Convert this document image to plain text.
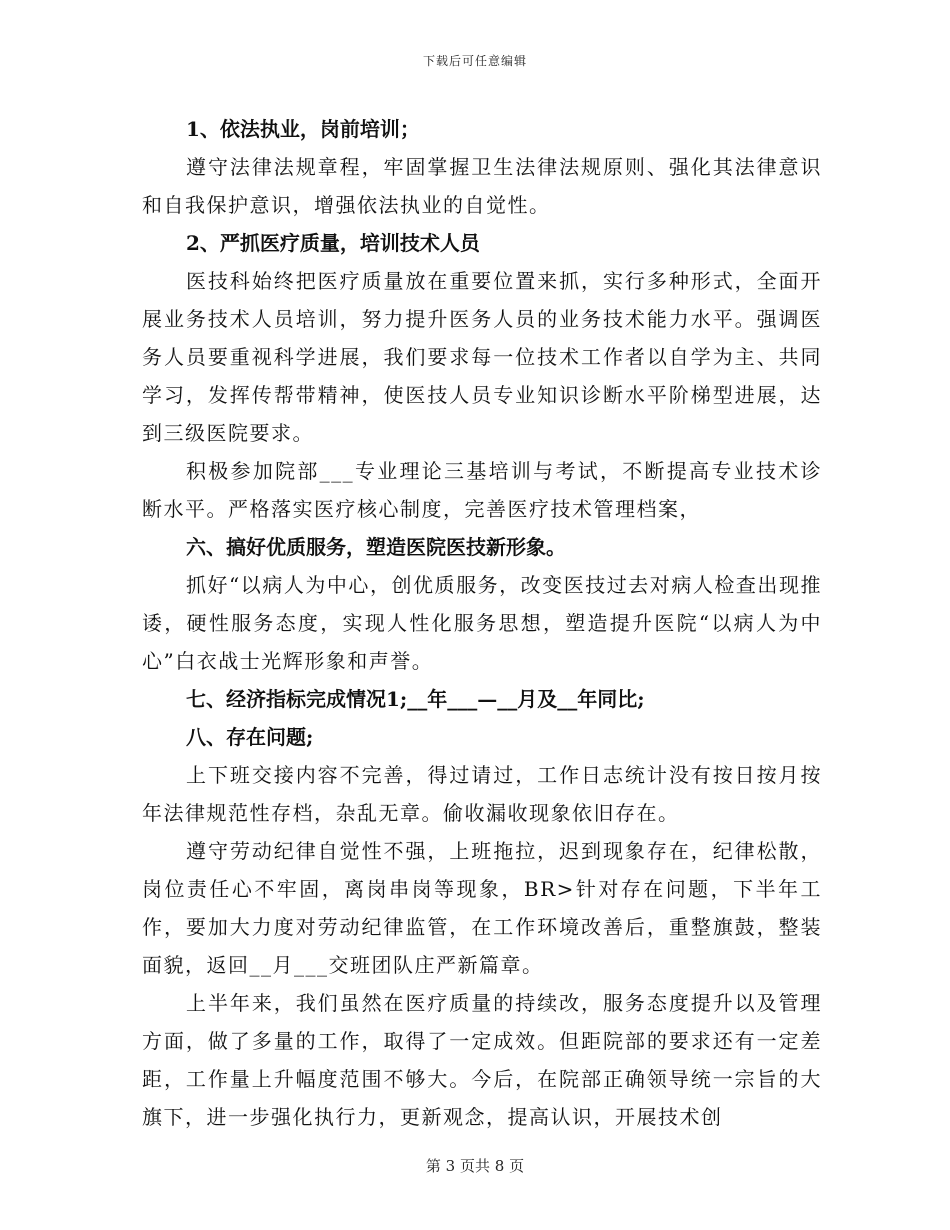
下载后可任意编辑

1、依法执业，岗前培训；

遵守法律法规章程，牢固掌握卫生法律法规原则、强化其法律意识和自我保护意识，增强依法执业的自觉性。

2、严抓医疗质量，培训技术人员

医技科始终把医疗质量放在重要位置来抓，实行多种形式，全面开展业务技术人员培训，努力提升医务人员的业务技术能力水平。强调医务人员要重视科学进展，我们要求每一位技术工作者以自学为主、共同学习，发挥传帮带精神，使医技人员专业知识诊断水平阶梯型进展，达到三级医院要求。

积极参加院部___专业理论三基培训与考试，不断提高专业技术诊断水平。严格落实医疗核心制度，完善医疗技术管理档案，

六、搞好优质服务，塑造医院医技新形象。

抓好“以病人为中心，创优质服务，改变医技过去对病人检查出现推诿，硬性服务态度，实现人性化服务思想，塑造提升医院“以病人为中心”白衣战士光辉形象和声誉。

七、经济指标完成情况1;__年___—__月及__年同比;

八、存在问题;

上下班交接内容不完善，得过请过，工作日志统计没有按日按月按年法律规范性存档，杂乱无章。偷收漏收现象依旧存在。

遵守劳动纪律自觉性不强，上班拖拉，迟到现象存在，纪律松散，岗位责任心不牢固，离岗串岗等现象，BR>针对存在问题，下半年工作，要加大力度对劳动纪律监管，在工作环境改善后，重整旗鼓，整装面貌，返回__月___交班团队庄严新篇章。

上半年来，我们虽然在医疗质量的持续改，服务态度提升以及管理方面，做了多量的工作，取得了一定成效。但距院部的要求还有一定差距，工作量上升幅度范围不够大。今后，在院部正确领导统一宗旨的大旗下，进一步强化执行力，更新观念，提高认识，开展技术创

第 3 页共 8 页
